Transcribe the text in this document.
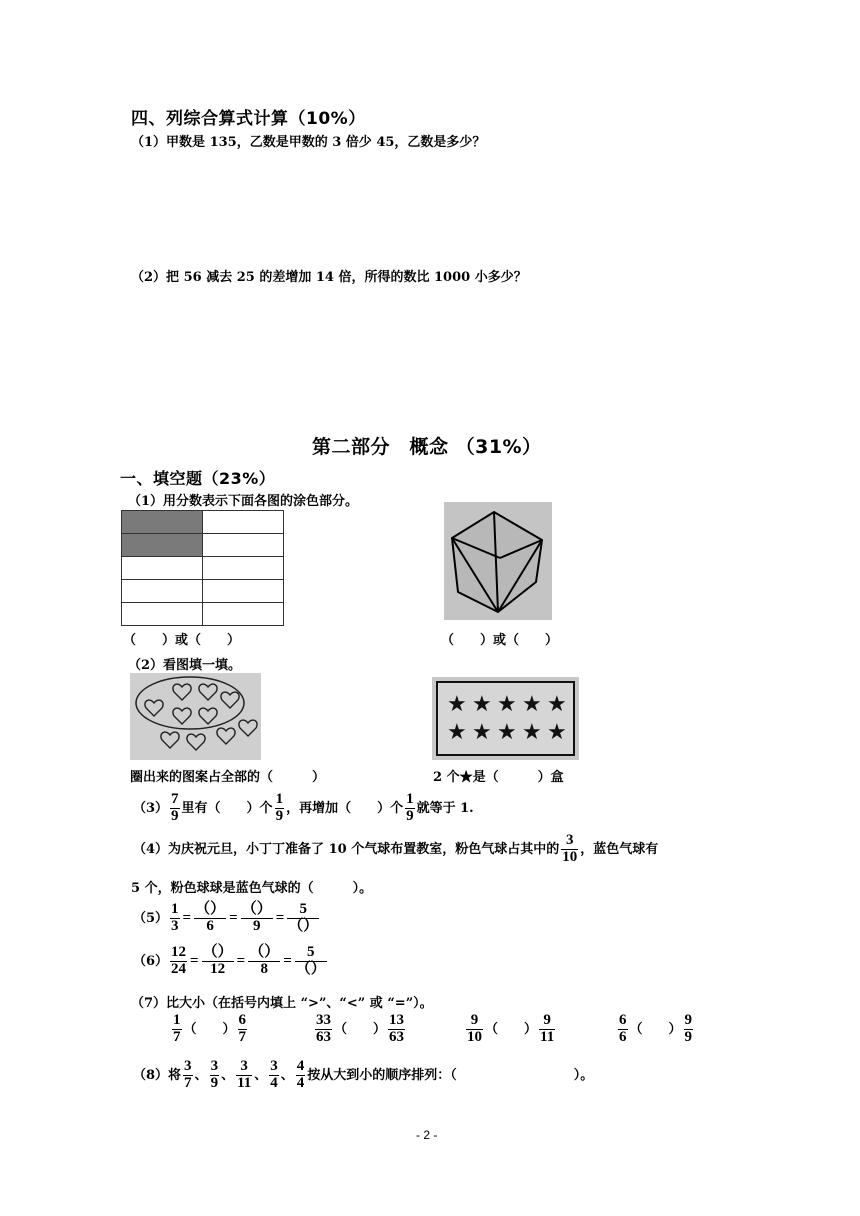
四、列综合算式计算（10%）
（1）甲数是 135，乙数是甲数的 3 倍少 45，乙数是多少？
（2）把 56 减去 25 的差增加 14 倍，所得的数比 1000 小多少？
第二部分　概念 （31%）
一、填空题（23%）
（1）用分数表示下面各图的涂色部分。

（　　）或（　　）	（　　）或（　　）
（2）看图填一填。
★ ★ ★ ★ ★
★ ★ ★ ★ ★
圈出来的图案占全部的（　　　）	2 个★是（　　　）盒
$(3) \frac{7}{9}$ 里有（　　）个 $\frac{1}{9}$ ，再增加（　　）个 $\frac{1}{9}$ 就等于 1.
（4）为庆祝元旦，小丁丁准备了 10 个气球布置教室，粉色气球占其中的 $\frac{3}{10}$ ，蓝色气球有
5 个，粉色球球是蓝色气球的（　　　）。
$(5) \frac{1}{3} = \frac{()}{6} = \frac{()}{9} = \frac{5}{()}$
$(6) \frac{12}{24} = \frac{()}{12} = \frac{()}{8} = \frac{5}{()}$
（7）比大小（在括号内填上 “>”、“<” 或 “=”）。
$\frac{1}{7}$ （　　） $\frac{6}{7}$	$\frac{33}{63}$ （　　） $\frac{13}{63}$	$\frac{9}{10}$ （　　） $\frac{9}{11}$	$\frac{6}{6}$ （　　） $\frac{9}{9}$
（8）将 $\frac{3}{7}$ 、 $\frac{3}{9}$ 、 $\frac{3}{11}$ 、 $\frac{3}{4}$ 、 $\frac{4}{4}$ 按从大到小的顺序排列：（　　　　　　　　　）。
- 2 -
